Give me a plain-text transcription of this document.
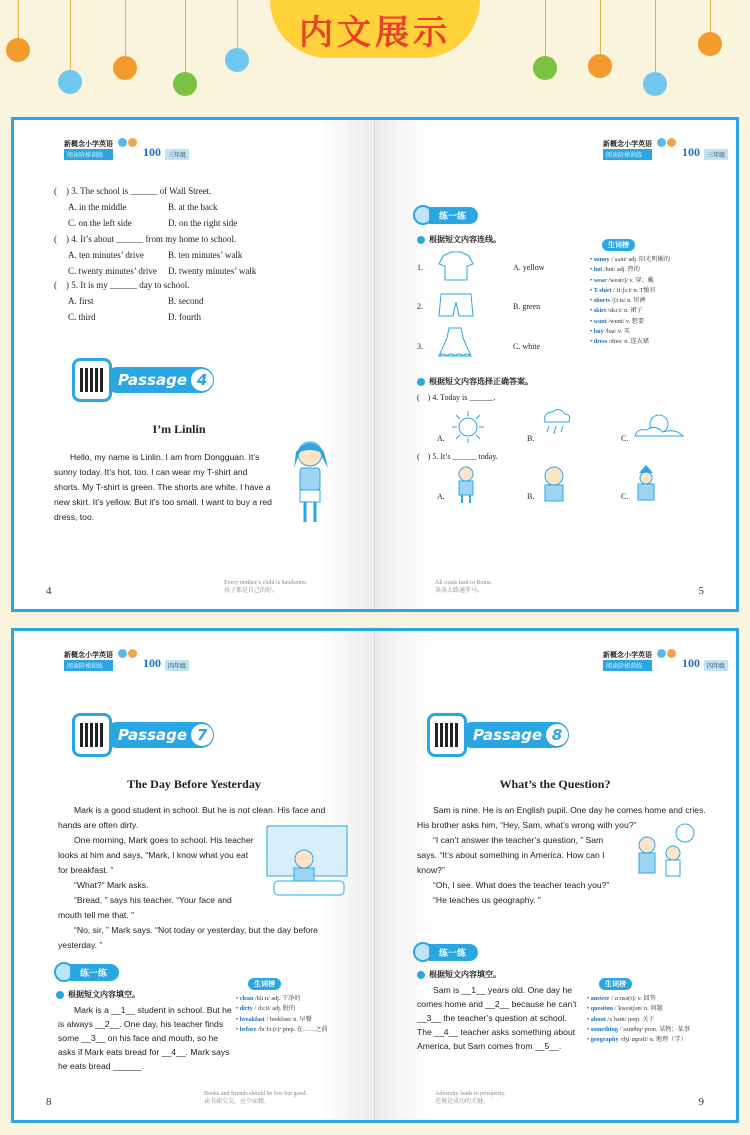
内文展示
新概念小学英语
阅读阶梯训练	100	三年级
(　) 3. The school is ______ of Wall Street.
A. in the middle	B. at the back
C. on the left side	D. on the right side
(　) 4. It’s about ______ from my home to school.
A. ten minutes’ drive	B. ten minutes’ walk
C. twenty minutes’ drive	D. twenty minutes’ walk
(　) 5. It is my ______ day to school.
A. first	B. second
C. third	D. fourth
Passage 4
I’m Linlin

Hello, my name is Linlin. I am from Dongguan. It’s sunny today. It’s hot, too. I can wear my T-shirt and shorts. My T-shirt is green. The shorts are white. I have a new skirt. It’s yellow. But it’s too small. I want to buy a red dress, too.

4
Every mother’s child is handsome.
孩子都是自己的好。
新概念小学英语
阅读阶梯训练	100	三年级
练一练
根据短文内容连线。
1.
2.
3.
A. yellow
B. green
C. white
生词榜
• sunny /ˈsʌni/ adj. 阳光明媚的
• hot /hɒt/ adj. 热的
• wear /weə(r)/ v. 穿；戴
• T-shirt /ˈtiːʃɜːt/ n. T恤衫
• shorts /ʃɔːts/ n. 短裤
• skirt /skɜːt/ n. 裙子
• want /wɒnt/ v. 想要
• buy /baɪ/ v. 买
• dress /dres/ n. 连衣裙
根据短文内容选择正确答案。
(　) 4. Today is ______.
A.	B.	C.
(　) 5. It’s ______ today.
A.	B.	C.
5
All roads lead to Rome.
条条大路通罗马。
新概念小学英语
阅读阶梯训练	100	四年级
Passage 7
The Day Before Yesterday

Mark is a good student in school. But he is not clean. His face and hands are often dirty.

One morning, Mark goes to school. His teacher looks at him and says, “Mark, I know what you eat for breakfast. ”

“What?” Mark asks.

“Bread, ” says his teacher. “Your face and mouth tell me that. ”

“No, sir, ” Mark says. “Not today or yesterday, but the day before yesterday. ”

练一练
根据短文内容填空。

Mark is a __1__ student in school. But he is always __2__. One day, his teacher finds some __3__ on his face and mouth, so he asks if Mark eats bread for __4__. Mark says he eats bread ______.

生词榜
• clean /kliːn/ adj. 干净的
• dirty /ˈdɜːti/ adj. 脏的
• breakfast /ˈbrekfəst/ n. 早餐
• before /bɪˈfɔː(r)/ prep. 在……之前
8
Books and friends should be few but good.
读书如交友，应少而精。
新概念小学英语
阅读阶梯训练	100	四年级
Passage 8
What’s the Question?

Sam is nine. He is an English pupil. One day he comes home and cries. His brother asks him, “Hey, Sam, what’s wrong with you?”

“I can’t answer the teacher’s question, ” Sam says. “It’s about something in America. How can I know?”

“Oh, I see. What does the teacher teach you?”

“He teaches us geography. ”

练一练
根据短文内容填空。

Sam is __1__ years old. One day he comes home and __2__ because he can’t __3__ the teacher’s question at school. The __4__ teacher asks something about America, but Sam comes from __5__.

生词榜
• answer /ˈɑːnsə(r)/ v. 回答
• question /ˈkwestʃən/ n. 问题
• about /əˈbaʊt/ prep. 关于
• something /ˈsʌmθɪŋ/ pron. 某物；某事
• geography /dʒiˈɒɡrəfi/ n. 地理（学）
9
Adversity leads to prosperity.
逆境是成功的关键。
